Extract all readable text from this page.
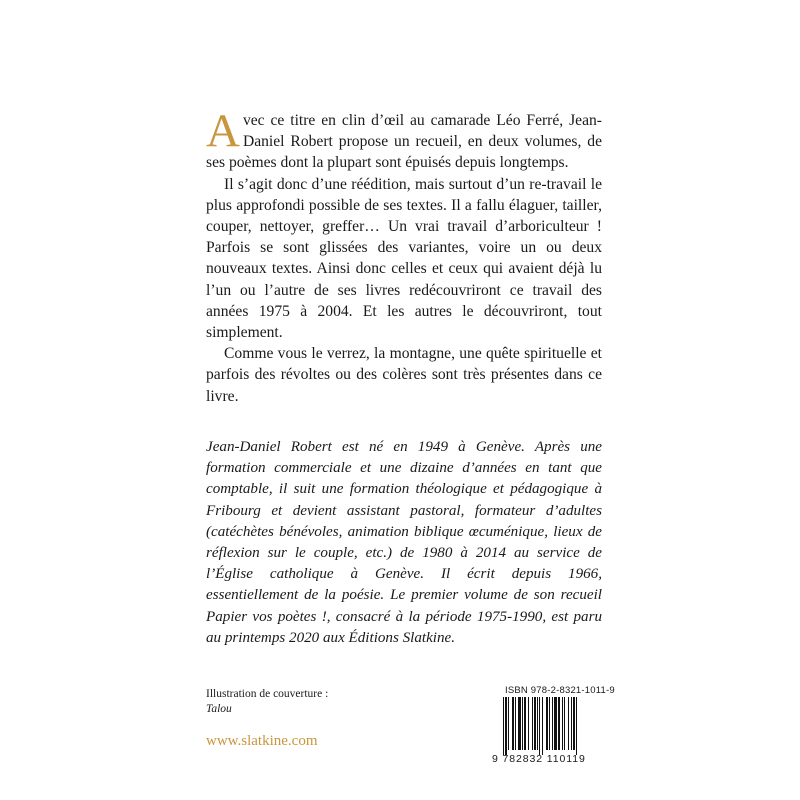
Avec ce titre en clin d’œil au camarade Léo Ferré, Jean-Daniel Robert propose un recueil, en deux volumes, de ses poèmes dont la plupart sont épuisés depuis longtemps.

Il s’agit donc d’une réédition, mais surtout d’un re-travail le plus approfondi possible de ses textes. Il a fallu élaguer, tailler, couper, nettoyer, greffer… Un vrai travail d’arboriculteur ! Parfois se sont glissées des variantes, voire un ou deux nouveaux textes. Ainsi donc celles et ceux qui avaient déjà lu l’un ou l’autre de ses livres redécouvriront ce travail des années 1975 à 2004. Et les autres le découvriront, tout simplement.

Comme vous le verrez, la montagne, une quête spirituelle et parfois des révoltes ou des colères sont très présentes dans ce livre.

Jean-Daniel Robert est né en 1949 à Genève. Après une formation commerciale et une dizaine d’années en tant que comptable, il suit une formation théologique et pédagogique à Fribourg et devient assistant pastoral, formateur d’adultes (catéchètes bénévoles, animation biblique œcuménique, lieux de réflexion sur le couple, etc.) de 1980 à 2014 au service de l’Église catholique à Genève. Il écrit depuis 1966, essentiellement de la poésie. Le premier volume de son recueil Papier vos poètes !, consacré à la période 1975-1990, est paru au printemps 2020 aux Éditions Slatkine.
Illustration de couverture :
Talou
www.slatkine.com
ISBN 978-2-8321-1011-9
9 782832 110119
